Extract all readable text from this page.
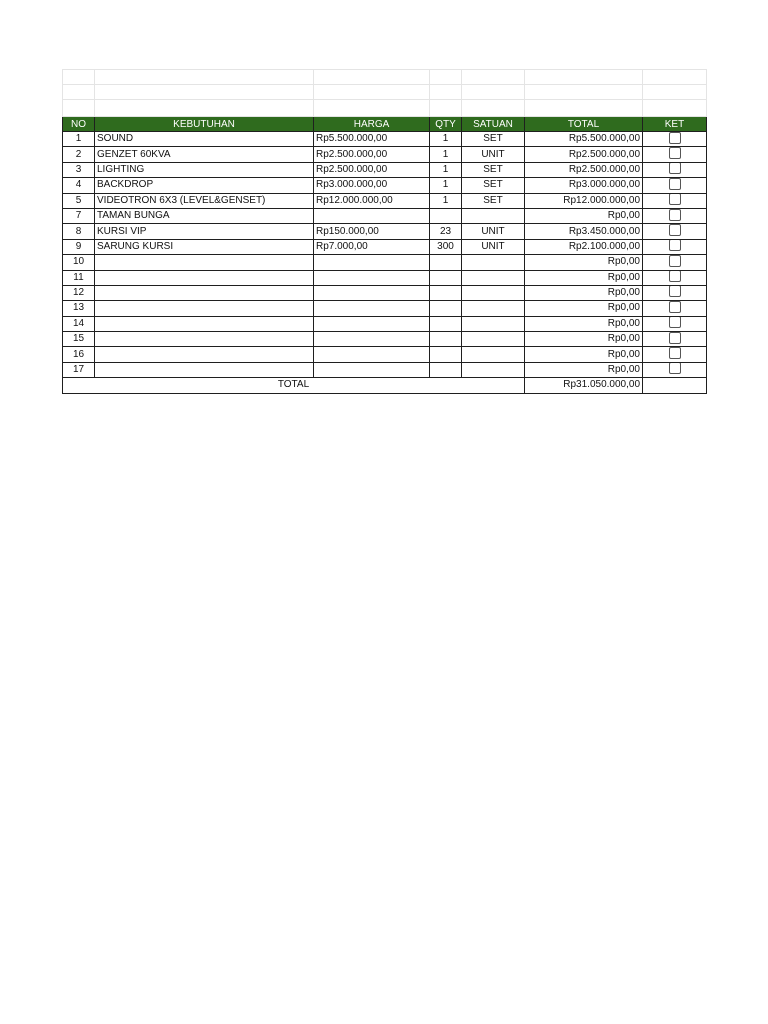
NO	KEBUTUHAN	HARGA	QTY	SATUAN	TOTAL	KET
1	SOUND	Rp5.500.000,00	1	SET	Rp5.500.000,00	
2	GENZET 60KVA	Rp2.500.000,00	1	UNIT	Rp2.500.000,00	
3	LIGHTING	Rp2.500.000,00	1	SET	Rp2.500.000,00	
4	BACKDROP	Rp3.000.000,00	1	SET	Rp3.000.000,00	
5	VIDEOTRON 6X3 (LEVEL&GENSET)	Rp12.000.000,00	1	SET	Rp12.000.000,00	
7	TAMAN BUNGA				Rp0,00	
8	KURSI VIP	Rp150.000,00	23	UNIT	Rp3.450.000,00	
9	SARUNG KURSI	Rp7.000,00	300	UNIT	Rp2.100.000,00	
10					Rp0,00	
11					Rp0,00	
12					Rp0,00	
13					Rp0,00	
14					Rp0,00	
15					Rp0,00	
16					Rp0,00	
17					Rp0,00	
TOTAL					Rp31.050.000,00	
